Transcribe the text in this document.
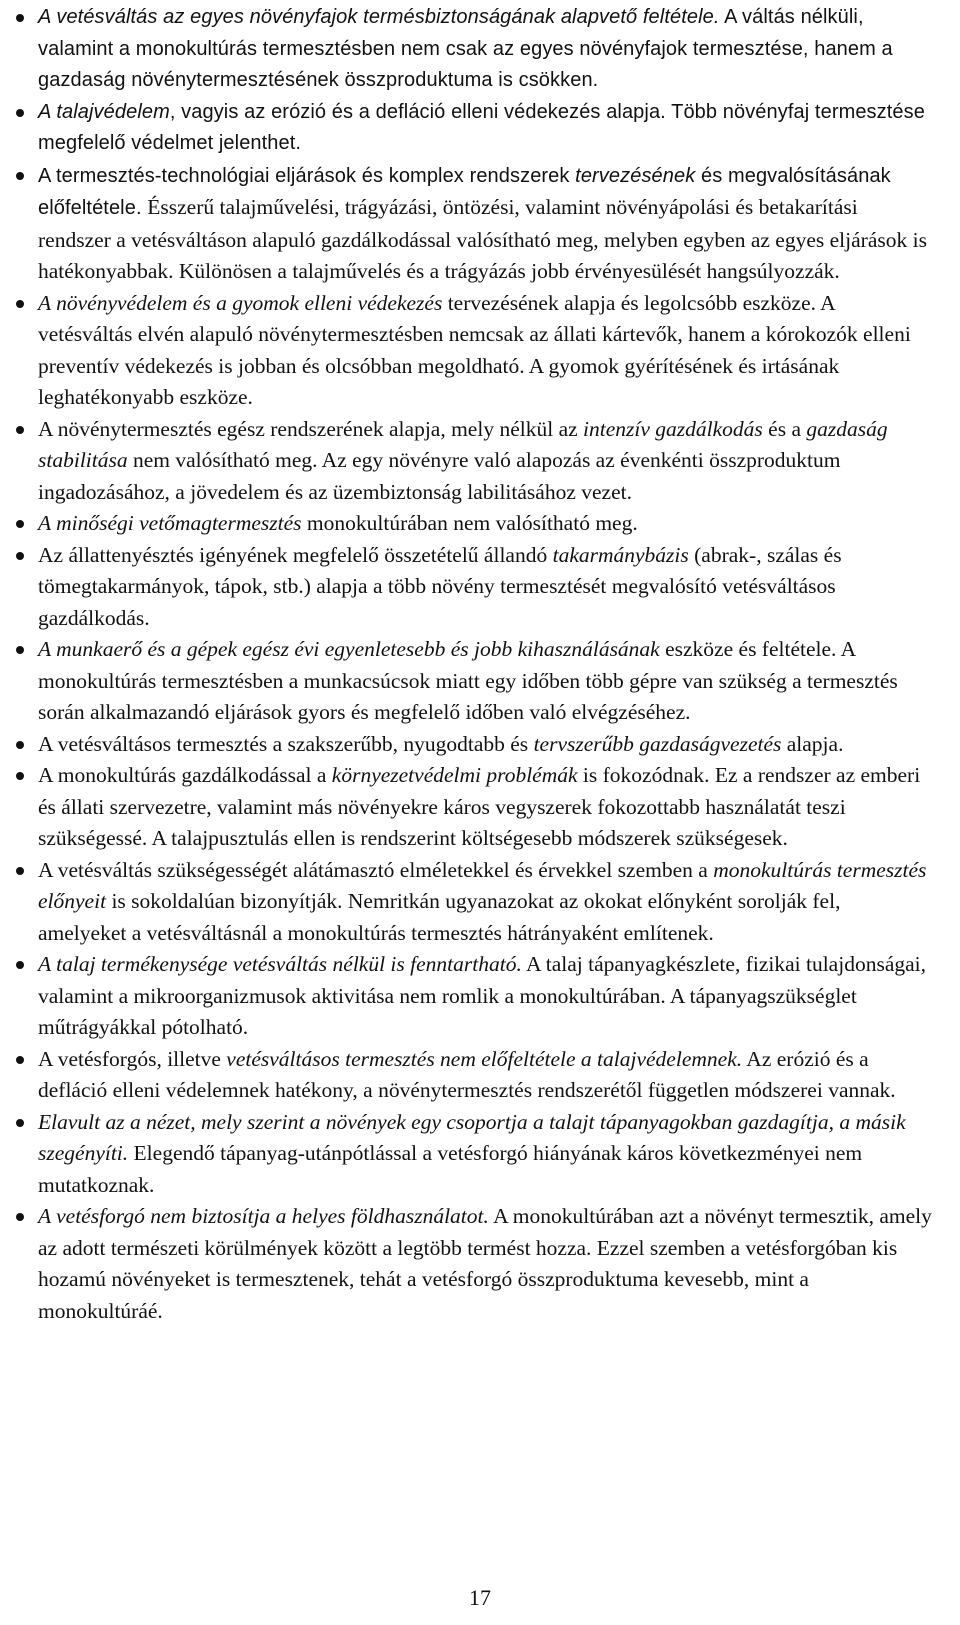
A vetésváltás az egyes növényfajok termésbiztonságának alapvető feltétele. A váltás nélküli, valamint a monokultúrás termesztésben nem csak az egyes növényfajok termesztése, hanem a gazdaság növénytermesztésének összproduktuma is csökken.
A talajvédelem, vagyis az erózió és a defláció elleni védekezés alapja. Több növényfaj termesztése megfelelő védelmet jelenthet.
A termesztés-technológiai eljárások és komplex rendszerek tervezésének és megvalósításának előfeltétele. Ésszerű talajművelési, trágyázási, öntözési, valamint növényápolási és betakarítási rendszer a vetésváltáson alapuló gazdálkodással valósítható meg, melyben egyben az egyes eljárások is hatékonyabbak. Különösen a talajművelés és a trágyázás jobb érvényesülését hangsúlyozzák.
A növényvédelem és a gyomok elleni védekezés tervezésének alapja és legolcsóbb eszköze. A vetésváltás elvén alapuló növénytermesztésben nemcsak az állati kártevők, hanem a kórokozók elleni preventív védekezés is jobban és olcsóbban megoldható. A gyomok gyérítésének és irtásának leghatékonyabb eszköze.
A növénytermesztés egész rendszerének alapja, mely nélkül az intenzív gazdálkodás és a gazdaság stabilitása nem valósítható meg. Az egy növényre való alapozás az évenkénti összproduktum ingadozásához, a jövedelem és az üzembiztonság labilitásához vezet.
A minőségi vetőmagtermesztés monokultúrában nem valósítható meg.
Az állattenyésztés igényének megfelelő összetételű állandó takarmánybázis (abrak-, szálas és tömegtakarmányok, tápok, stb.) alapja a több növény termesztését megvalósító vetésváltásos gazdálkodás.
A munkaerő és a gépek egész évi egyenletesebb és jobb kihasználásának eszköze és feltétele. A monokultúrás termesztésben a munkacsúcsok miatt egy időben több gépre van szükség a termesztés során alkalmazandó eljárások gyors és megfelelő időben való elvégzéséhez.
A vetésváltásos termesztés a szakszerűbb, nyugodtabb és tervszerűbb gazdaságvezetés alapja.
A monokultúrás gazdálkodással a környezetvédelmi problémák is fokozódnak. Ez a rendszer az emberi és állati szervezetre, valamint más növényekre káros vegyszerek fokozottabb használatát teszi szükségessé. A talajpusztulás ellen is rendszerint költségesebb módszerek szükségesek.
A vetésváltás szükségességét alátámasztó elméletekkel és érvekkel szemben a monokultúrás termesztés előnyeit is sokoldalúan bizonyítják. Nemritkán ugyanazokat az okokat előnyként sorolják fel, amelyeket a vetésváltásnál a monokultúrás termesztés hátrányaként említenek.
A talaj termékenysége vetésváltás nélkül is fenntartható. A talaj tápanyagkészlete, fizikai tulajdonságai, valamint a mikroorganizmusok aktivitása nem romlik a monokultúrában. A tápanyagszükséglet műtrágyákkal pótolható.
A vetésforgós, illetve vetésváltásos termesztés nem előfeltétele a talajvédelemnek. Az erózió és a defláció elleni védelemnek hatékony, a növénytermesztés rendszerétől független módszerei vannak.
Elavult az a nézet, mely szerint a növények egy csoportja a talajt tápanyagokban gazdagítja, a másik szegényíti. Elegendő tápanyag-utánpótlással a vetésforgó hiányának káros következményei nem mutatkoznak.
A vetésforgó nem biztosítja a helyes földhasználatot. A monokultúrában azt a növényt termesztik, amely az adott természeti körülmények között a legtöbb termést hozza. Ezzel szemben a vetésforgóban kis hozamú növényeket is termesztenek, tehát a vetésforgó összproduktuma kevesebb, mint a monokultúráé.
17
